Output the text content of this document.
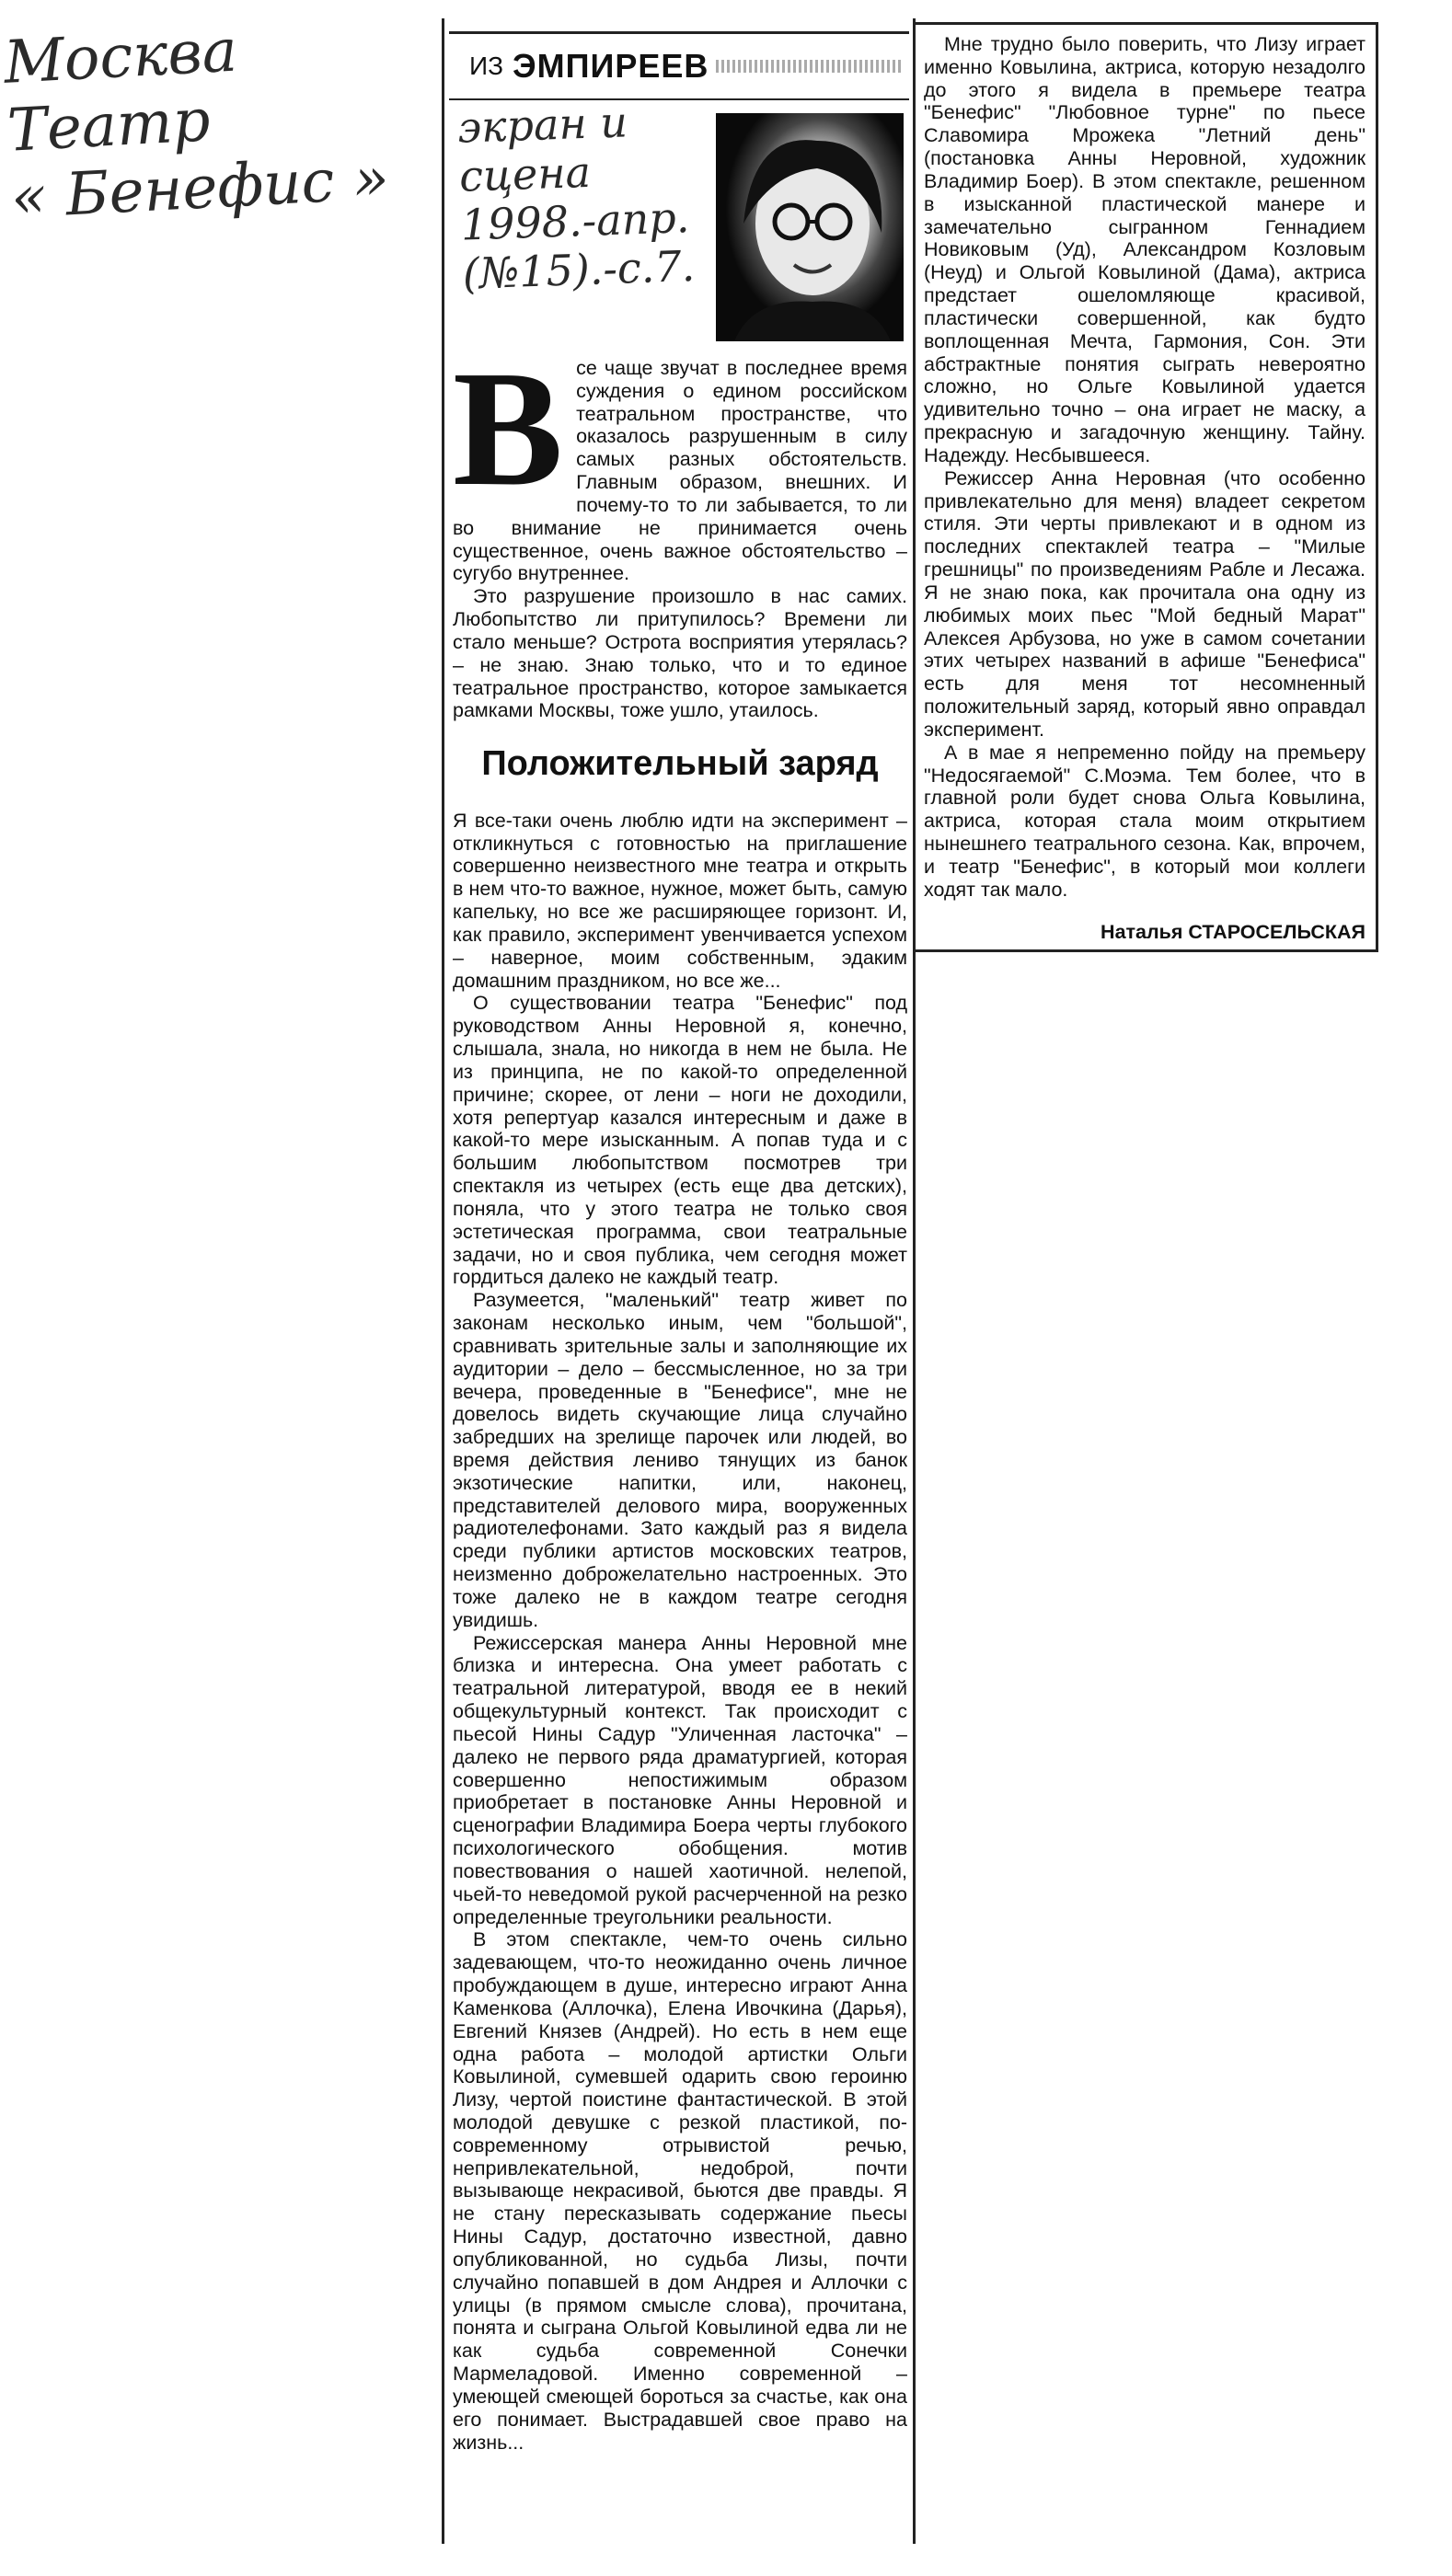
Москва
Театр
« Бенефис »
ИЗ ЭМПИРЕЕВ
экран и сцена 1998.-апр. (№15).-с.7.
В се чаще звучат в последнее время суждения о едином российском театральном пространстве, что оказалось разрушенным в силу самых разных обстоятельств. Главным образом, внешних. И почему-то то ли забывается, то ли во внимание не принимается очень существенное, очень важное обстоятельство – сугубо внутреннее.

Это разрушение произошло в нас самих. Любопытство ли притупилось? Времени ли стало меньше? Острота восприятия утерялась? – не знаю. Знаю только, что и то единое театральное пространство, которое замыкается рамками Москвы, тоже ушло, утаилось.

Положительный заряд

Я все-таки очень люблю идти на эксперимент – откликнуться с готовностью на приглашение совершенно неизвестного мне театра и открыть в нем что-то важное, нужное, может быть, самую капельку, но все же расширяющее горизонт. И, как правило, эксперимент увенчивается успехом – наверное, моим собственным, эдаким домашним праздником, но все же...

О существовании театра "Бенефис" под руководством Анны Неровной я, конечно, слышала, знала, но никогда в нем не была. Не из принципа, не по какой-то определенной причине; скорее, от лени – ноги не доходили, хотя репертуар казался интересным и даже в какой-то мере изысканным. А попав туда и с большим любопытством посмотрев три спектакля из четырех (есть еще два детских), поняла, что у этого театра не только своя эстетическая программа, свои театральные задачи, но и своя публика, чем сегодня может гордиться далеко не каждый театр.

Разумеется, "маленький" театр живет по законам несколько иным, чем "большой", сравнивать зрительные залы и заполняющие их аудитории – дело – бессмысленное, но за три вечера, проведенные в "Бенефисе", мне не довелось видеть скучающие лица случайно забредших на зрелище парочек или людей, во время действия лениво тянущих из банок экзотические напитки, или, наконец, представителей делового мира, вооруженных радиотелефонами. Зато каждый раз я видела среди публики артистов московских театров, неизменно доброжелательно настроенных. Это тоже далеко не в каждом театре сегодня увидишь.

Режиссерская манера Анны Неровной мне близка и интересна. Она умеет работать с театральной литературой, вводя ее в некий общекультурный контекст. Так происходит с пьесой Нины Садур "Уличенная ласточка" – далеко не первого ряда драматургией, которая совершенно непостижимым образом приобретает в постановке Анны Неровной и сценографии Владимира Боера черты глубокого психологического обобщения. мотив повествования о нашей хаотичной. нелепой, чьей-то неведомой рукой расчерченной на резко определенные треугольники реальности.

В этом спектакле, чем-то очень сильно задевающем, что-то неожиданно очень личное пробуждающем в душе, интересно играют Анна Каменкова (Аллочка), Елена Ивочкина (Дарья), Евгений Князев (Андрей). Но есть в нем еще одна работа – молодой артистки Ольги Ковылиной, сумевшей одарить свою героиню Лизу, чертой поистине фантастической. В этой молодой девушке с резкой пластикой, по-современному отрывистой речью, непривлекательной, недоброй, почти вызывающе некрасивой, бьются две правды. Я не стану пересказывать содержание пьесы Нины Садур, достаточно известной, давно опубликованной, но судьба Лизы, почти случайно попавшей в дом Андрея и Аллочки с улицы (в прямом смысле слова), прочитана, понята и сыграна Ольгой Ковылиной едва ли не как судьба современной Сонечки Мармеладовой. Именно современной – умеющей смеющей бороться за счастье, как она его понимает. Выстрадавшей свое право на жизнь...

Мне трудно было поверить, что Лизу играет именно Ковылина, актриса, которую незадолго до этого я видела в премьере театра "Бенефис" "Любовное турне" по пьесе Славомира Мрожека "Летний день" (постановка Анны Неровной, художник Владимир Боер). В этом спектакле, решенном в изысканной пластической манере и замечательно сыгранном Геннадием Новиковым (Уд), Александром Козловым (Неуд) и Ольгой Ковылиной (Дама), актриса предстает ошеломляюще красивой, пластически совершенной, как будто воплощенная Мечта, Гармония, Сон. Эти абстрактные понятия сыграть невероятно сложно, но Ольге Ковылиной удается удивительно точно – она играет не маску, а прекрасную и загадочную женщину. Тайну. Надежду. Несбывшееся.

Режиссер Анна Неровная (что особенно привлекательно для меня) владеет секретом стиля. Эти черты привлекают и в одном из последних спектаклей театра – "Милые грешницы" по произведениям Рабле и Лесажа. Я не знаю пока, как прочитала она одну из любимых моих пьес "Мой бедный Марат" Алексея Арбузова, но уже в самом сочетании этих четырех названий в афише "Бенефиса" есть для меня тот несомненный положительный заряд, который явно оправдал эксперимент.

А в мае я непременно пойду на премьеру "Недосягаемой" С.Моэма. Тем более, что в главной роли будет снова Ольга Ковылина, актриса, которая стала моим открытием нынешнего театрального сезона. Как, впрочем, и театр "Бенефис", в который мои коллеги ходят так мало.

Наталья СТАРОСЕЛЬСКАЯ
